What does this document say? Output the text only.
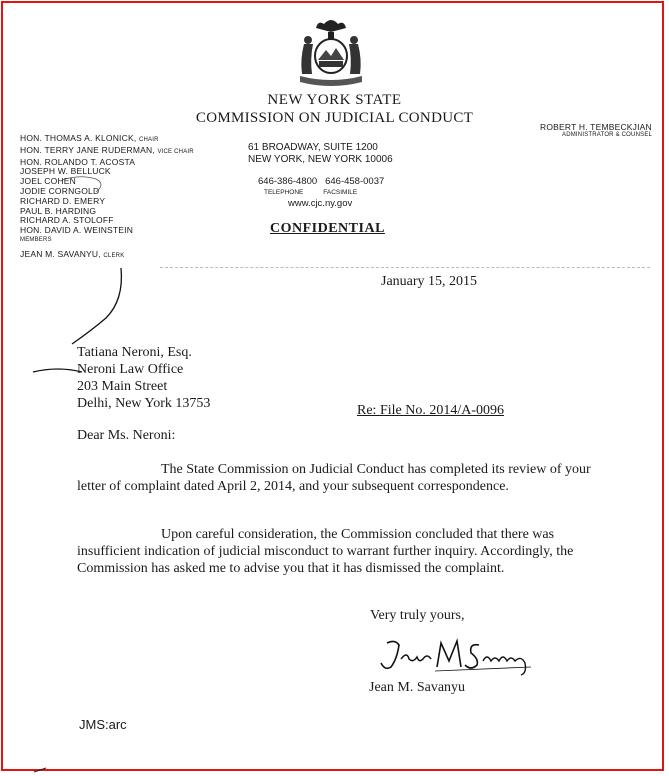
NEW YORK STATE
COMMISSION ON JUDICIAL CONDUCT
HON. THOMAS A. KLONICK, CHAIR
HON. TERRY JANE RUDERMAN, VICE CHAIR
HON. ROLANDO T. ACOSTA
JOSEPH W. BELLUCK
JOEL COHEN
JODIE CORNGOLD
RICHARD D. EMERY
PAUL B. HARDING
RICHARD A. STOLOFF
HON. DAVID A. WEINSTEIN
MEMBERS
JEAN M. SAVANYU, CLERK
ROBERT H. TEMBECKJIAN
ADMINISTRATOR & COUNSEL
61 BROADWAY, SUITE 1200
NEW YORK, NEW YORK 10006
646-386-4800 646-458-0037
TELEPHONE	FACSIMILE
www.cjc.ny.gov
CONFIDENTIAL
January 15, 2015
Tatiana Neroni, Esq.
Neroni Law Office
203 Main Street
Delhi, New York 13753	Re: File No. 2014/A-0096
Dear Ms. Neroni:
The State Commission on Judicial Conduct has completed its review of your letter of complaint dated April 2, 2014, and your subsequent correspondence.
Upon careful consideration, the Commission concluded that there was insufficient indication of judicial misconduct to warrant further inquiry. Accordingly, the Commission has asked me to advise you that it has dismissed the complaint.
Very truly yours,
Jean M. Savanyu
JMS:arc
